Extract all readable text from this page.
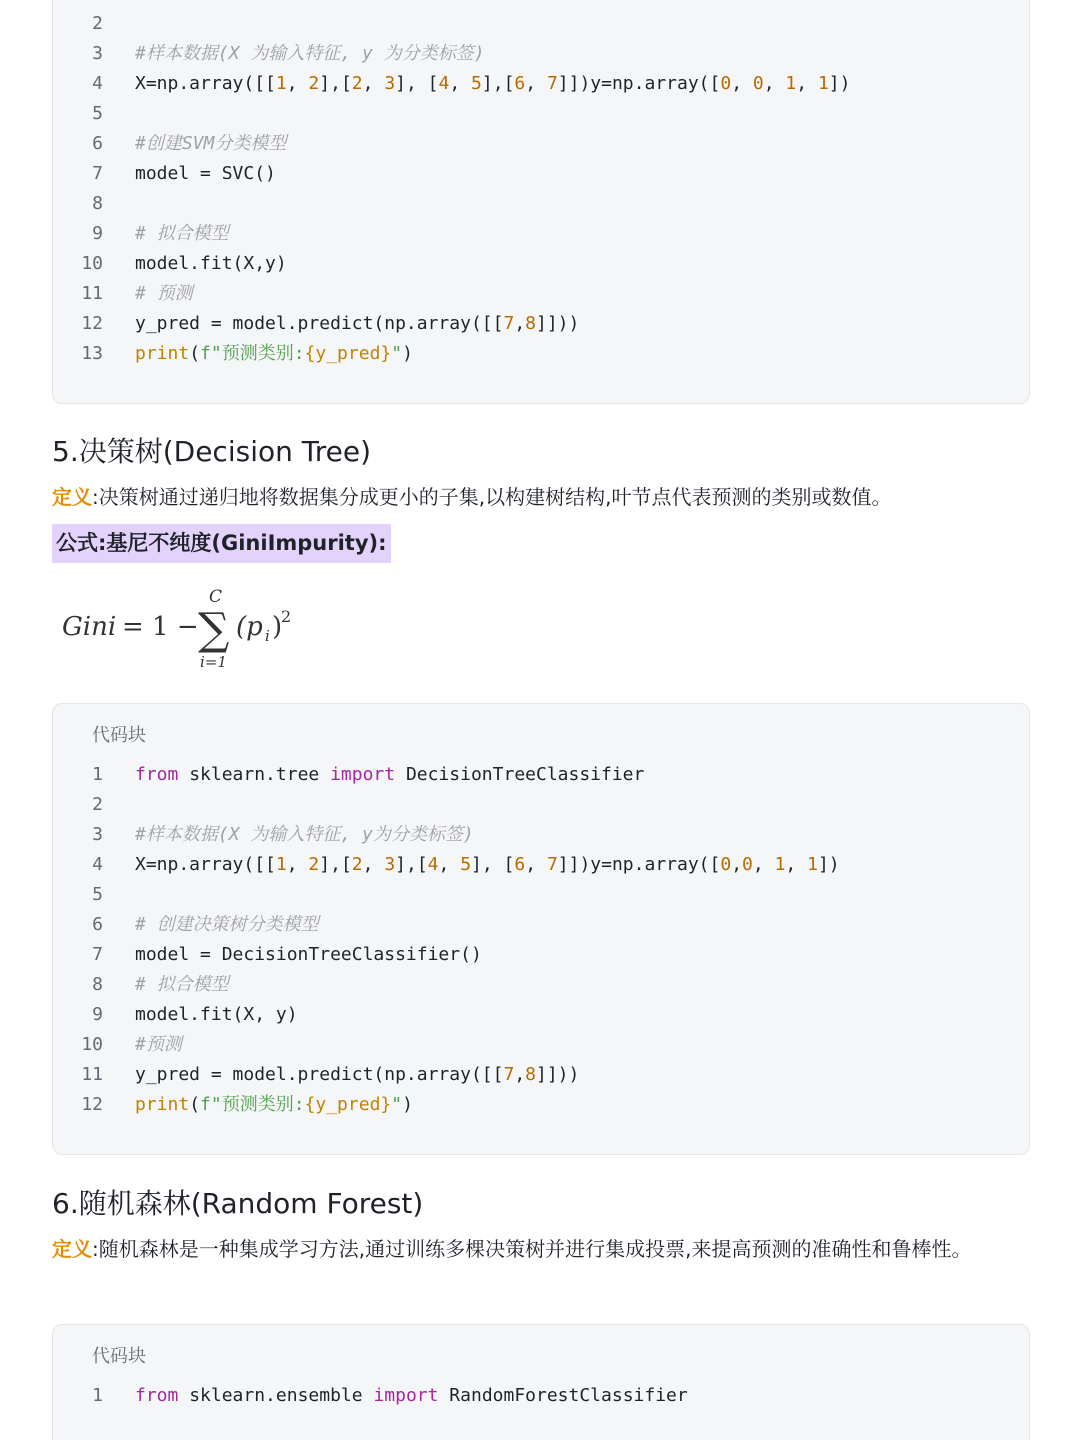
2
3 #样本数据(X 为输入特征, y 为分类标签)
4 X=np.array([[1, 2],[2, 3], [4, 5],[6, 7]])y=np.array([0, 0, 1, 1])
5
6 #创建SVM分类模型
7 model = SVC()
8
9 # 拟合模型
10 model.fit(X,y)
11 # 预测
12 y_pred = model.predict(np.array([[7,8]]))
13 print(f"预测类别:{y_pred}")
5.决策树(Decision Tree)
定义:决策树通过递归地将数据集分成更小的子集,以构建树结构,叶节点代表预测的类别或数值。
公式:基尼不纯度(GiniImpurity):
Gini = 1 −
C
∑
i=1
(p i )
2
代码块
1 from sklearn.tree import DecisionTreeClassifier
2
3 #样本数据(X 为输入特征, y为分类标签)
4 X=np.array([[1, 2],[2, 3],[4, 5], [6, 7]])y=np.array([0,0, 1, 1])
5
6 # 创建决策树分类模型
7 model = DecisionTreeClassifier()
8 # 拟合模型
9 model.fit(X, y)
10 #预测
11 y_pred = model.predict(np.array([[7,8]]))
12 print(f"预测类别:{y_pred}")
6.随机森林(Random Forest)
定义:随机森林是一种集成学习方法,通过训练多棵决策树并进行集成投票,来提高预测的准确性和鲁棒性。
代码块
1 from sklearn.ensemble import RandomForestClassifier
